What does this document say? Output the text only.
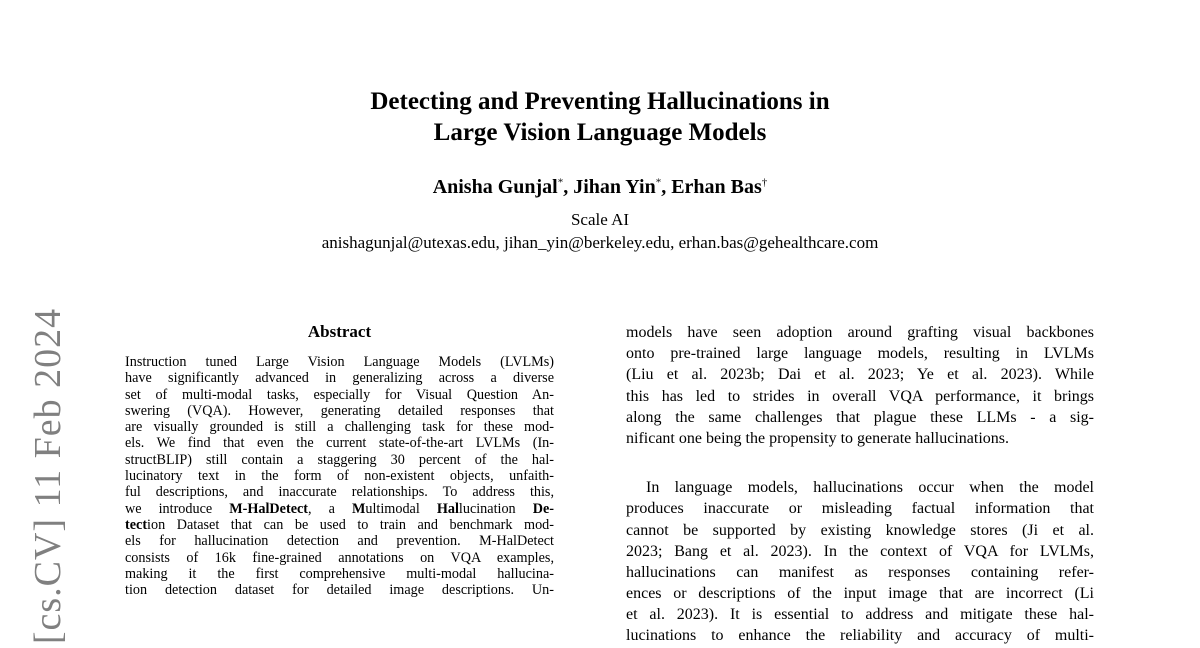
[cs.CV] 11 Feb 2024
Detecting and Preventing Hallucinations in
Large Vision Language Models
Anisha Gunjal*, Jihan Yin*, Erhan Bas†
Scale AI
anishagunjal@utexas.edu, jihan_yin@berkeley.edu, erhan.bas@gehealthcare.com
Abstract
Instruction tuned Large Vision Language Models (LVLMs)
have significantly advanced in generalizing across a diverse
set of multi-modal tasks, especially for Visual Question An-
swering (VQA). However, generating detailed responses that
are visually grounded is still a challenging task for these mod-
els. We find that even the current state-of-the-art LVLMs (In-
structBLIP) still contain a staggering 30 percent of the hal-
lucinatory text in the form of non-existent objects, unfaith-
ful descriptions, and inaccurate relationships. To address this,
we introduce M-HalDetect, a Multimodal Hallucination De-
tection Dataset that can be used to train and benchmark mod-
els for hallucination detection and prevention. M-HalDetect
consists of 16k fine-grained annotations on VQA examples,
making it the first comprehensive multi-modal hallucina-
tion detection dataset for detailed image descriptions. Un-
models have seen adoption around grafting visual backbones
onto pre-trained large language models, resulting in LVLMs
(Liu et al. 2023b; Dai et al. 2023; Ye et al. 2023). While
this has led to strides in overall VQA performance, it brings
along the same challenges that plague these LLMs - a sig-
nificant one being the propensity to generate hallucinations.
In language models, hallucinations occur when the model
produces inaccurate or misleading factual information that
cannot be supported by existing knowledge stores (Ji et al.
2023; Bang et al. 2023). In the context of VQA for LVLMs,
hallucinations can manifest as responses containing refer-
ences or descriptions of the input image that are incorrect (Li
et al. 2023). It is essential to address and mitigate these hal-
lucinations to enhance the reliability and accuracy of multi-
